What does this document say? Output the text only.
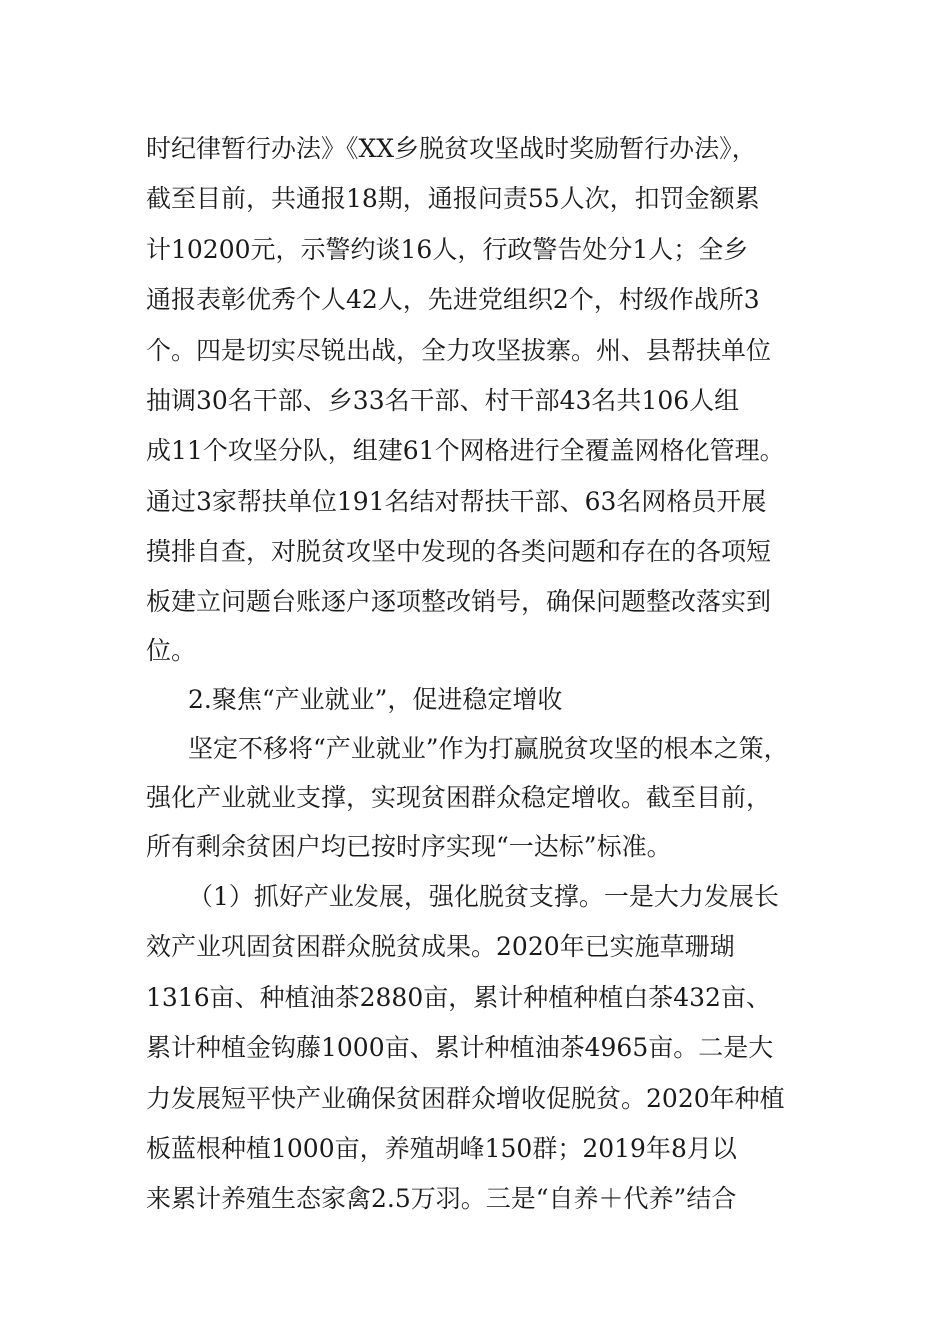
时纪律暂行办法》《XX乡脱贫攻坚战时奖励暂行办法》，
截至目前，共通报18期，通报问责55人次，扣罚金额累
计10200元，示警约谈16人，行政警告处分1人；全乡
通报表彰优秀个人42人，先进党组织2个，村级作战所3
个。四是切实尽锐出战，全力攻坚拔寨。州、县帮扶单位
抽调30名干部、乡33名干部、村干部43名共106人组
成11个攻坚分队，组建61个网格进行全覆盖网格化管理。
通过3家帮扶单位191名结对帮扶干部、63名网格员开展
摸排自查，对脱贫攻坚中发现的各类问题和存在的各项短
板建立问题台账逐户逐项整改销号，确保问题整改落实到
位。
2.聚焦“产业就业”，促进稳定增收
坚定不移将“产业就业”作为打赢脱贫攻坚的根本之策，
强化产业就业支撑，实现贫困群众稳定增收。截至目前，
所有剩余贫困户均已按时序实现“一达标”标准。
（1）抓好产业发展，强化脱贫支撑。一是大力发展长
效产业巩固贫困群众脱贫成果。2020年已实施草珊瑚
1316亩、种植油茶2880亩，累计种植种植白茶432亩、
累计种植金钩藤1000亩、累计种植油茶4965亩。二是大
力发展短平快产业确保贫困群众增收促脱贫。2020年种植
板蓝根种植1000亩，养殖胡峰150群；2019年8月以
来累计养殖生态家禽2.5万羽。三是“自养＋代养”结合
